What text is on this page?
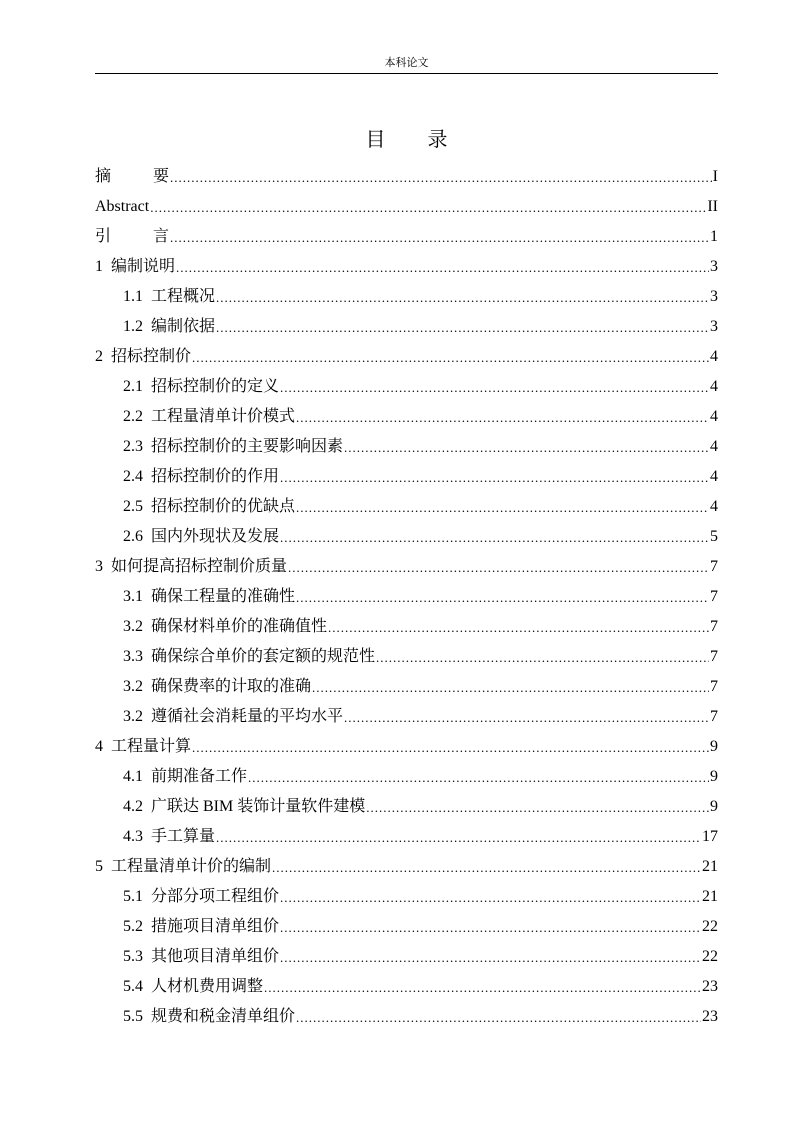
本科论文
目 录
摘	要 .....	I
Abstract .....	II
引	言 .....	1
1 编制说明 .....	3
1.1 工程概况 .....	3
1.2 编制依据 .....	3
2 招标控制价 .....	4
2.1 招标控制价的定义 .....	4
2.2 工程量清单计价模式 .....	4
2.3 招标控制价的主要影响因素 .....	4
2.4 招标控制价的作用 .....	4
2.5 招标控制价的优缺点 .....	4
2.6 国内外现状及发展 .....	5
3 如何提高招标控制价质量 .....	7
3.1 确保工程量的准确性 .....	7
3.2 确保材料单价的准确值性 .....	7
3.3 确保综合单价的套定额的规范性 .....	7
3.2 确保费率的计取的准确 .....	7
3.2 遵循社会消耗量的平均水平 .....	7
4 工程量计算 .....	9
4.1 前期准备工作 .....	9
4.2 广联达 BIM 装饰计量软件建模 .....	9
4.3 手工算量 .....	17
5 工程量清单计价的编制 .....	21
5.1 分部分项工程组价 .....	21
5.2 措施项目清单组价 .....	22
5.3 其他项目清单组价 .....	22
5.4 人材机费用调整 .....	23
5.5 规费和税金清单组价 .....	23
